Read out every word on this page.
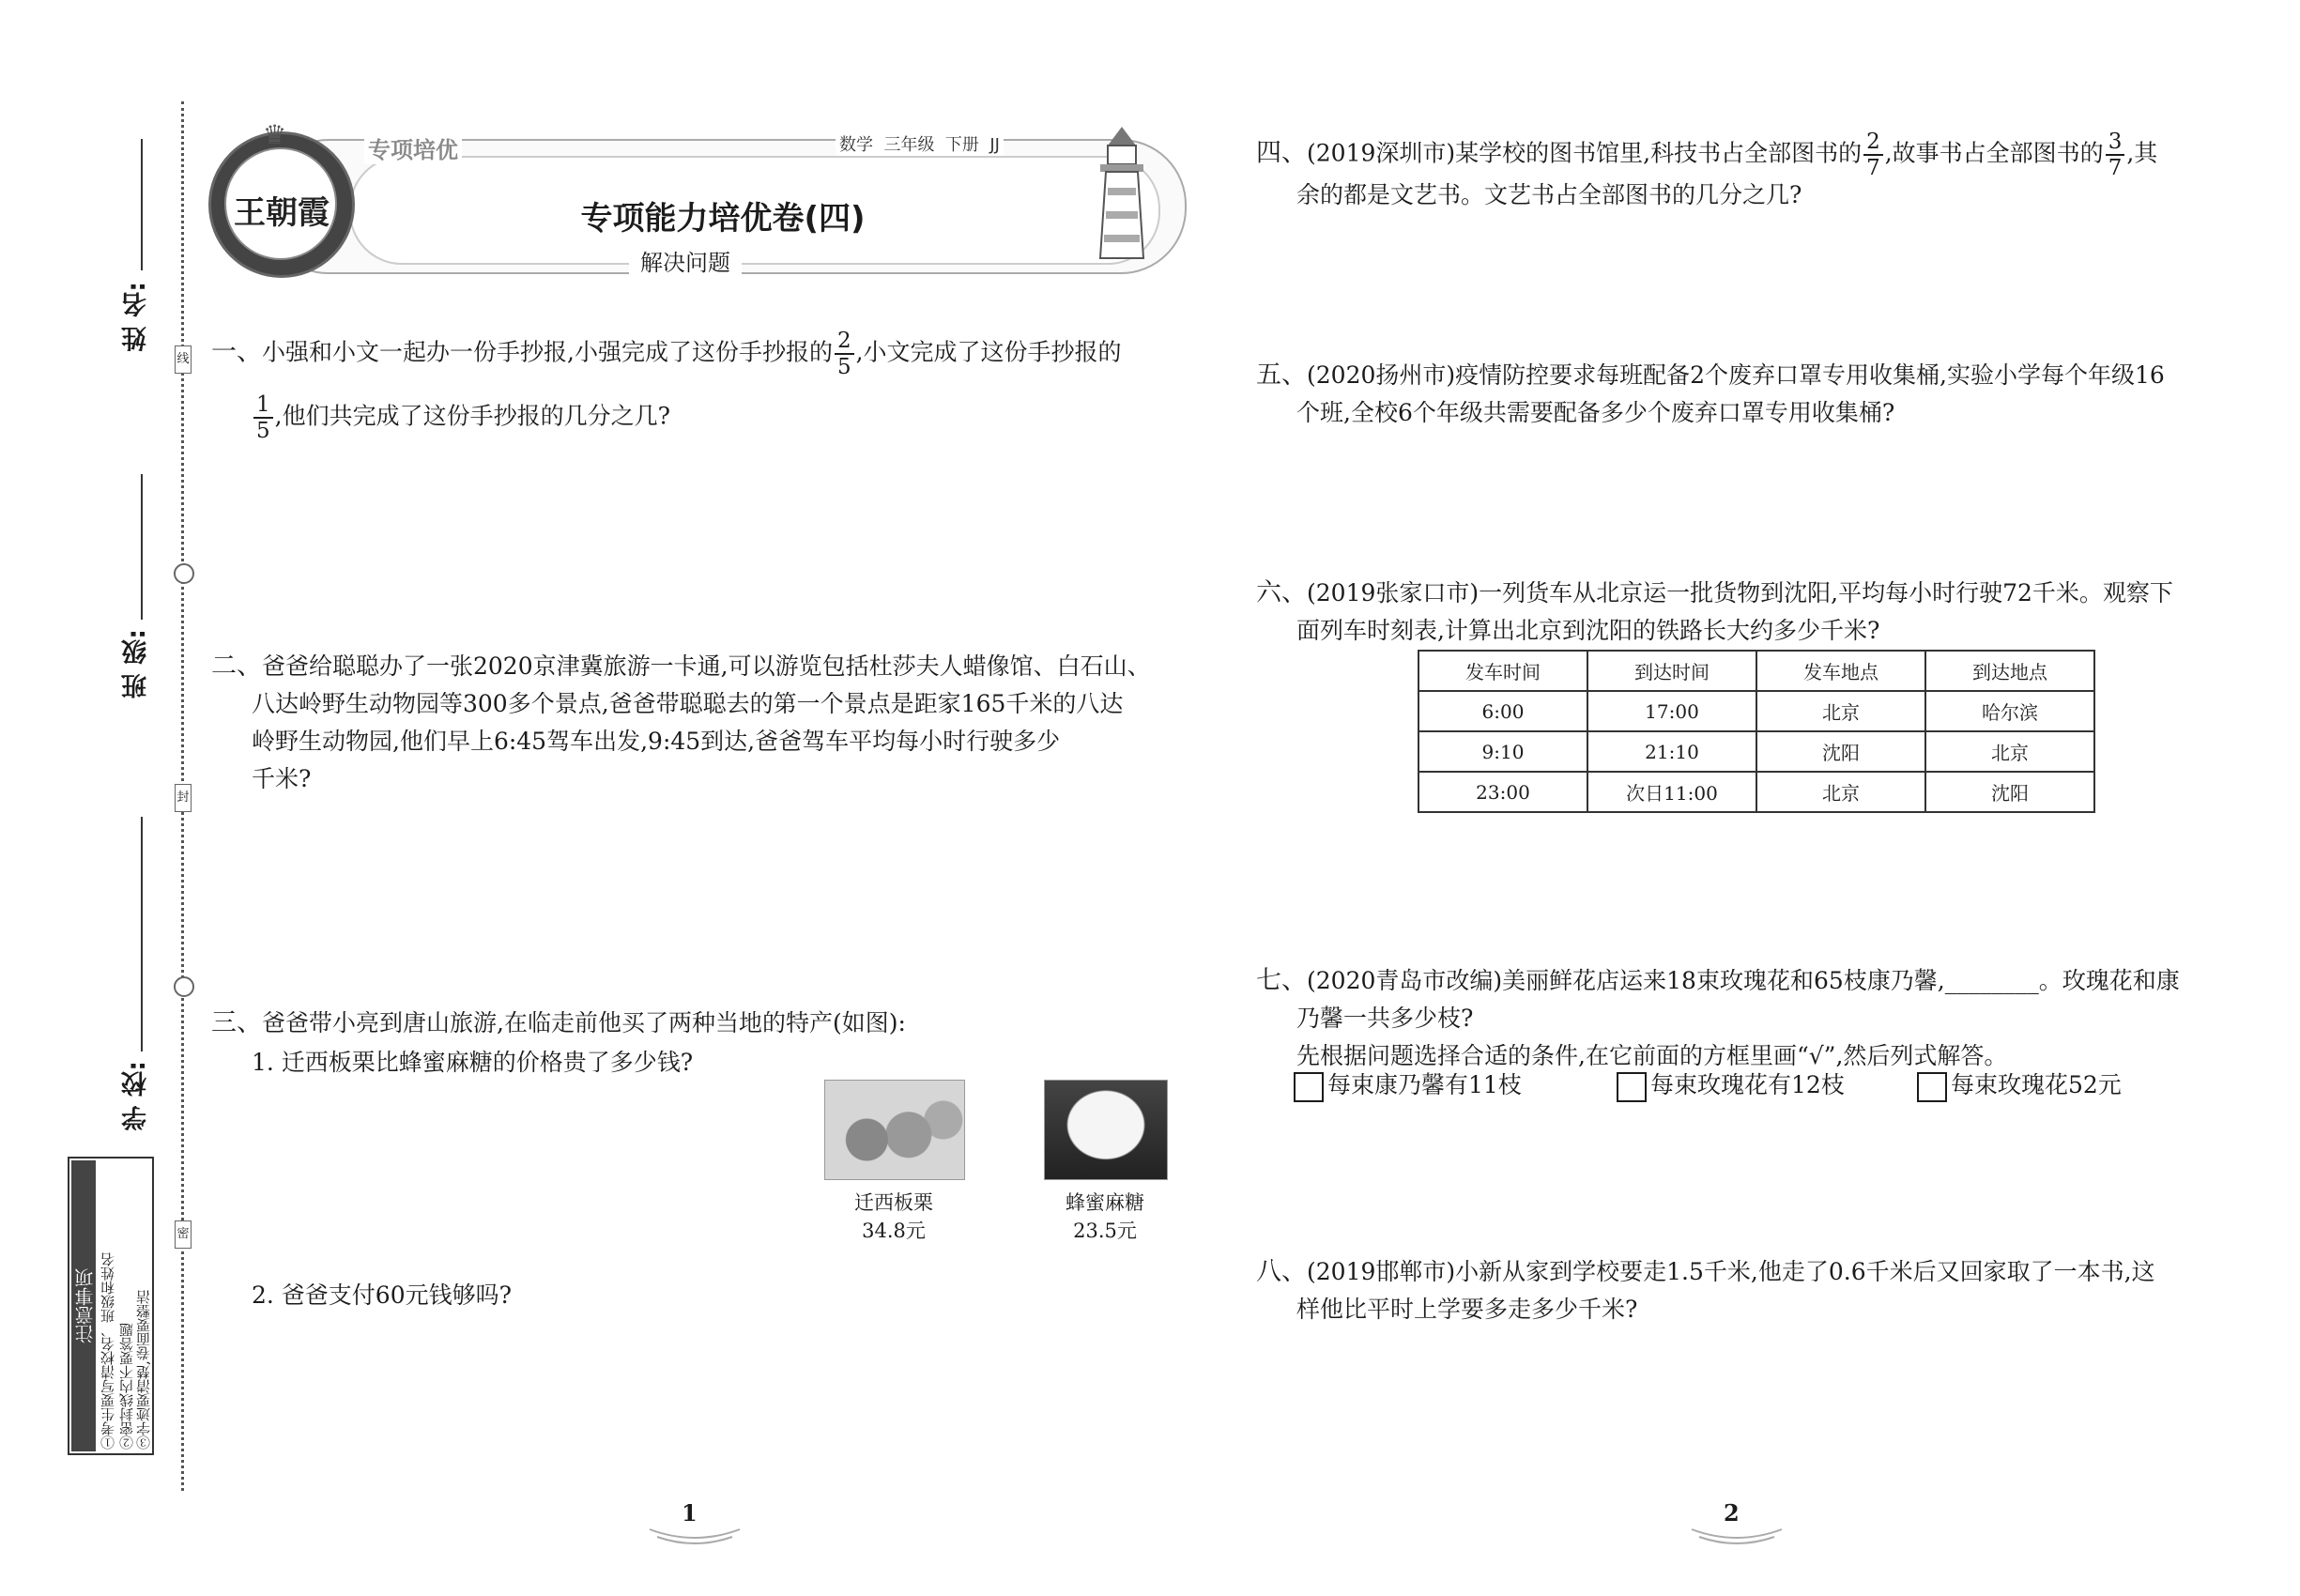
线
封
密
姓 名:
班 级:
学 校:
注意事项 ①考生要写清校名、班级和姓名 ②密封线内不要答题 ③字迹要清楚,卷面要整洁
王朝霞
♛	专项培优	数学  三年级  下册  JJ
专项能力培优卷(四)
解决问题
一、小强和小文一起办一份手抄报,小强完成了这份手抄报的 $\frac{2}{5}$ ,小文完成了这份手抄报的
$\frac{1}{5}$ ,他们共完成了这份手抄报的几分之几?
二、爸爸给聪聪办了一张2020京津冀旅游一卡通,可以游览包括杜莎夫人蜡像馆、白石山、
八达岭野生动物园等300多个景点,爸爸带聪聪去的第一个景点是距家165千米的八达
岭野生动物园,他们早上6:45驾车出发,9:45到达,爸爸驾车平均每小时行驶多少
千米?
三、爸爸带小亮到唐山旅游,在临走前他买了两种当地的特产(如图):
1. 迁西板栗比蜂蜜麻糖的价格贵了多少钱?
迁西板栗
34.8元
蜂蜜麻糖
23.5元
2. 爸爸支付60元钱够吗?
四、(2019深圳市)某学校的图书馆里,科技书占全部图书的 $\frac{2}{7}$ ,故事书占全部图书的 $\frac{3}{7}$ ,其
余的都是文艺书。文艺书占全部图书的几分之几?
五、(2020扬州市)疫情防控要求每班配备2个废弃口罩专用收集桶,实验小学每个年级16
个班,全校6个年级共需要配备多少个废弃口罩专用收集桶?
六、(2019张家口市)一列货车从北京运一批货物到沈阳,平均每小时行驶72千米。观察下
面列车时刻表,计算出北京到沈阳的铁路长大约多少千米?
发车时间	到达时间	发车地点	到达地点
6:00	17:00	北京	哈尔滨
9:10	21:10	沈阳	北京
23:00	次日11:00	北京	沈阳
七、(2020青岛市改编)美丽鲜花店运来18束玫瑰花和65枝康乃馨,________。玫瑰花和康
乃馨一共多少枝?
先根据问题选择合适的条件,在它前面的方框里画“√”,然后列式解答。
每束康乃馨有11枝	每束玫瑰花有12枝	每束玫瑰花52元
八、(2019邯郸市)小新从家到学校要走1.5千米,他走了0.6千米后又回家取了一本书,这
样他比平时上学要多走多少千米?
1	2
